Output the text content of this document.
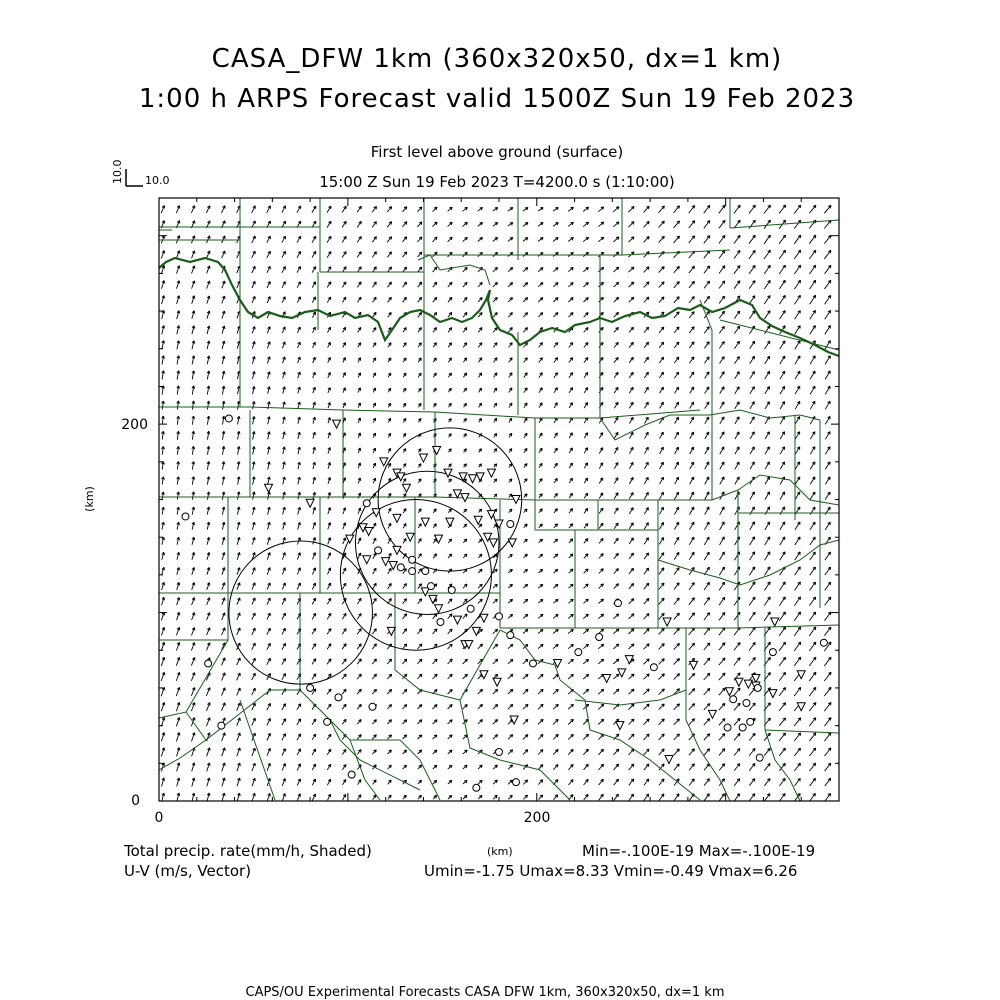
CASA_DFW 1km (360x320x50, dx=1 km)
1:00 h ARPS Forecast valid 1500Z Sun 19 Feb 2023
First level above ground (surface)
15:00 Z Sun 19 Feb 2023 T=4200.0 s (1:10:00)
10.0 10.0
0
200
0	200
(km)
Total precip. rate(mm/h, Shaded)
U-V (m/s, Vector)
(km)	Min=-.100E-19 Max=-.100E-19
Umin=-1.75 Umax=8.33 Vmin=-0.49 Vmax=6.26
CAPS/OU Experimental Forecasts CASA DFW 1km, 360x320x50, dx=1 km
